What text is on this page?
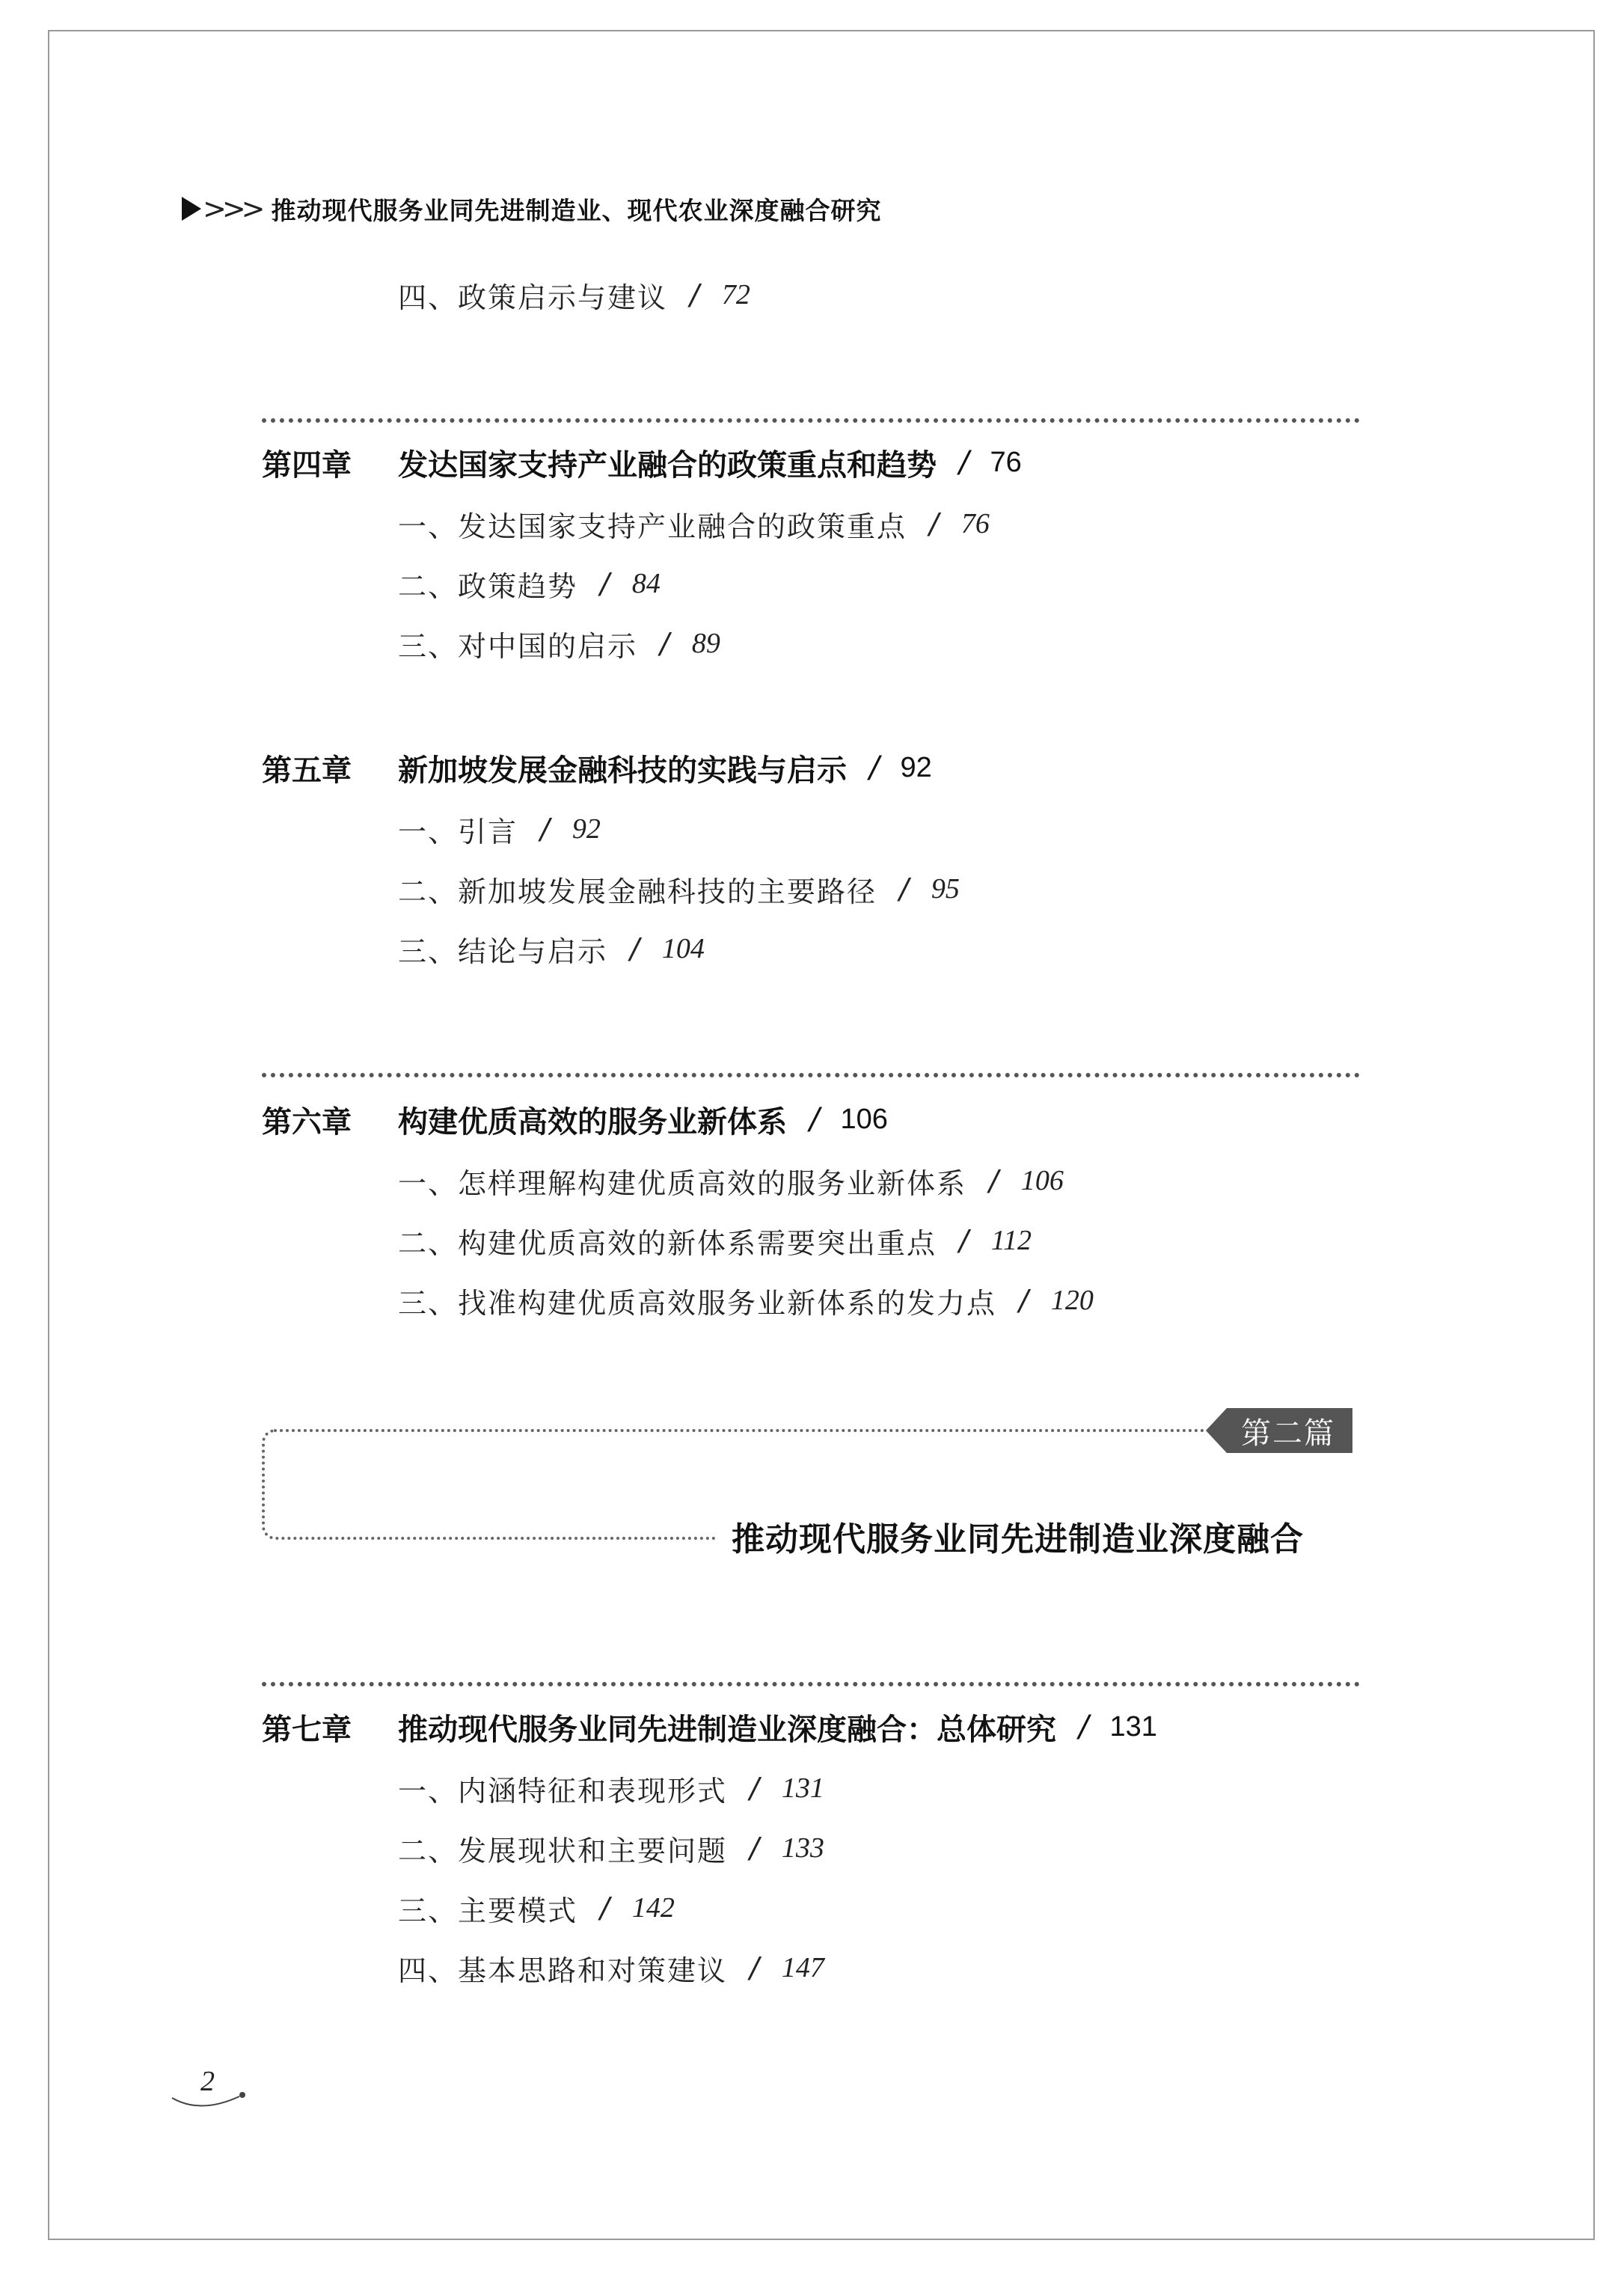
>>> 推动现代服务业同先进制造业、现代农业深度融合研究
四、政策启示与建议 / 72
第四章	发达国家支持产业融合的政策重点和趋势 / 76
一、发达国家支持产业融合的政策重点 / 76
二、政策趋势 / 84
三、对中国的启示 / 89
第五章	新加坡发展金融科技的实践与启示 / 92
一、引言 / 92
二、新加坡发展金融科技的主要路径 / 95
三、结论与启示 / 104
第六章	构建优质高效的服务业新体系 / 106
一、怎样理解构建优质高效的服务业新体系 / 106
二、构建优质高效的新体系需要突出重点 / 112
三、找准构建优质高效服务业新体系的发力点 / 120
第二篇
推动现代服务业同先进制造业深度融合
第七章	推动现代服务业同先进制造业深度融合：总体研究 / 131
一、内涵特征和表现形式 / 131
二、发展现状和主要问题 / 133
三、主要模式 / 142
四、基本思路和对策建议 / 147
2
